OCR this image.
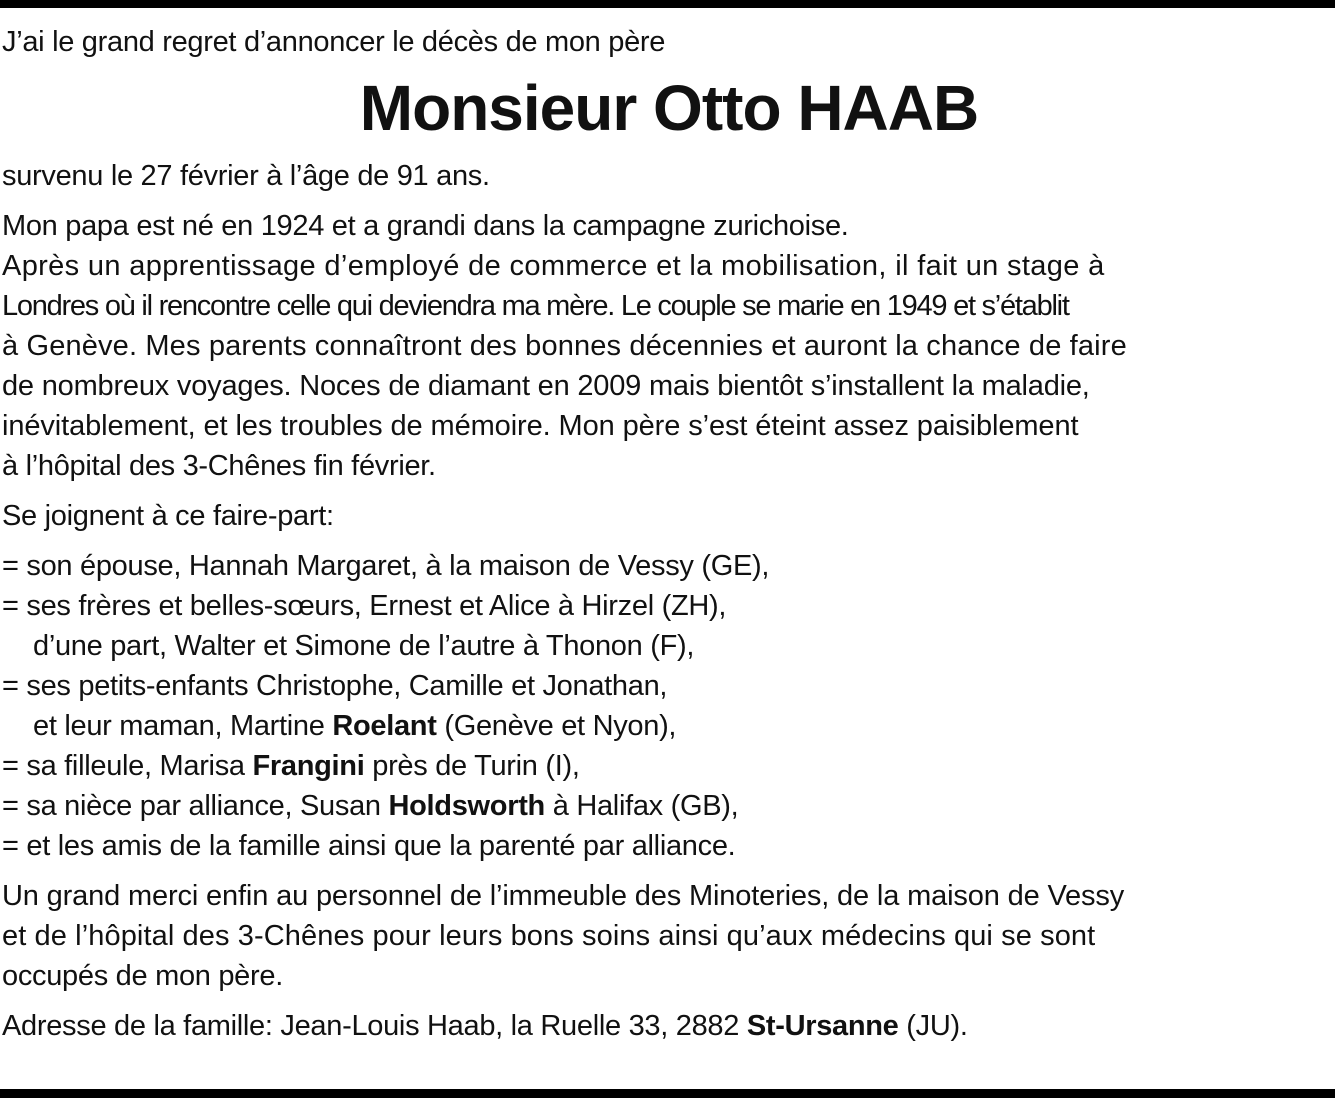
J’ai le grand regret d’annoncer le décès de mon père
Monsieur Otto HAAB
survenu le 27 février à l’âge de 91 ans.
Mon papa est né en 1924 et a grandi dans la campagne zurichoise.
Après un apprentissage d’employé de commerce et la mobilisation, il fait un stage à
Londres où il rencontre celle qui deviendra ma mère. Le couple se marie en 1949 et s’établit
à Genève. Mes parents connaîtront des bonnes décennies et auront la chance de faire
de nombreux voyages. Noces de diamant en 2009 mais bientôt s’installent la maladie,
inévitablement, et les troubles de mémoire. Mon père s’est éteint assez paisiblement
à l’hôpital des 3-Chênes fin février.
Se joignent à ce faire-part:
= son épouse, Hannah Margaret, à la maison de Vessy (GE),
= ses frères et belles-sœurs, Ernest et Alice à Hirzel (ZH),
d’une part, Walter et Simone de l’autre à Thonon (F),
= ses petits-enfants Christophe, Camille et Jonathan,
et leur maman, Martine Roelant (Genève et Nyon),
= sa filleule, Marisa Frangini près de Turin (I),
= sa nièce par alliance, Susan Holdsworth à Halifax (GB),
= et les amis de la famille ainsi que la parenté par alliance.
Un grand merci enfin au personnel de l’immeuble des Minoteries, de la maison de Vessy
et de l’hôpital des 3-Chênes pour leurs bons soins ainsi qu’aux médecins qui se sont
occupés de mon père.
Adresse de la famille: Jean-Louis Haab, la Ruelle 33, 2882 St-Ursanne (JU).
